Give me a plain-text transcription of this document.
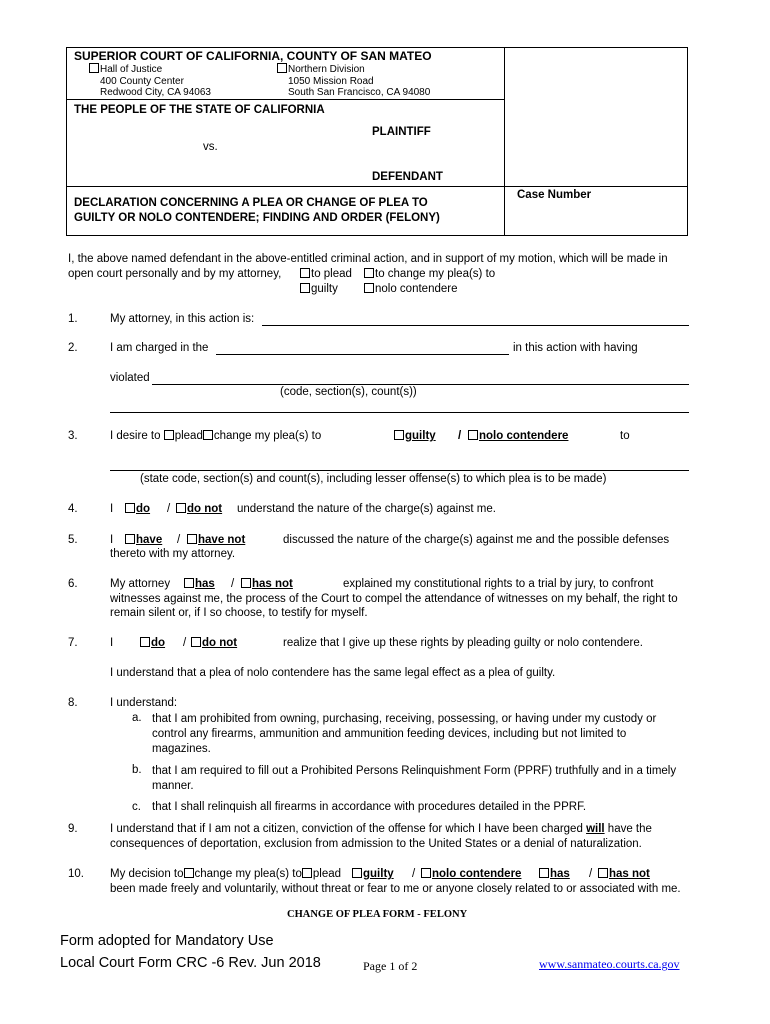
SUPERIOR COURT OF CALIFORNIA, COUNTY OF SAN MATEO
Hall of Justice
400 County Center
Redwood City, CA 94063
Northern Division
1050 Mission Road
South San Francisco, CA 94080
THE PEOPLE OF THE STATE OF CALIFORNIA
PLAINTIFF
vs.
DEFENDANT
DECLARATION CONCERNING A PLEA OR CHANGE OF PLEA TO
GUILTY OR NOLO CONTENDERE; FINDING AND ORDER (FELONY)
Case Number
I, the above named defendant in the above-entitled criminal action, and in support of my motion, which will be made in
open court personally and by my attorney,	to plead	to change my plea(s) to
guilty	nolo contendere
1.	My attorney, in this action is:
2.	I am charged in the	in this action with having
violated
(code, section(s), count(s))
3.	I desire to plead change my plea(s) to	guilty /	nolo contendere	to
(state code, section(s) and count(s), including lesser offense(s) to which plea is to be made)
4.	I	do /	do not understand the nature of the charge(s) against me.
5.	I	have /	have not	discussed the nature of the charge(s) against me and the possible defenses
thereto with my attorney.
6.	My attorney	has /	has not	explained my constitutional rights to a trial by jury, to confront
witnesses against me, the process of the Court to compel the attendance of witnesses on my behalf, the right to
remain silent or, if I so choose, to testify for myself.
7.	I	do /	do not	realize that I give up these rights by pleading guilty or nolo contendere.
I understand that a plea of nolo contendere has the same legal effect as a plea of guilty.
8.	I understand:
a. that I am prohibited from owning, purchasing, receiving, possessing, or having under my custody or
control any firearms, ammunition and ammunition feeding devices, including but not limited to
magazines.
b. that I am required to fill out a Prohibited Persons Relinquishment Form (PPRF) truthfully and in a timely
manner.
c. that I shall relinquish all firearms in accordance with procedures detailed in the PPRF.
9.	I understand that if I am not a citizen, conviction of the offense for which I have been charged will have the
consequences of deportation, exclusion from admission to the United States or a denial of naturalization.
10. My decision to change my plea(s) to plead	guilty /	nolo contendere	has /	has not
been made freely and voluntarily, without threat or fear to me or anyone closely related to or associated with me.
CHANGE OF PLEA FORM - FELONY
Form adopted for Mandatory Use
Local Court Form CRC -6 Rev. Jun 2018	Page 1 of 2	www.sanmateo.courts.ca.gov
